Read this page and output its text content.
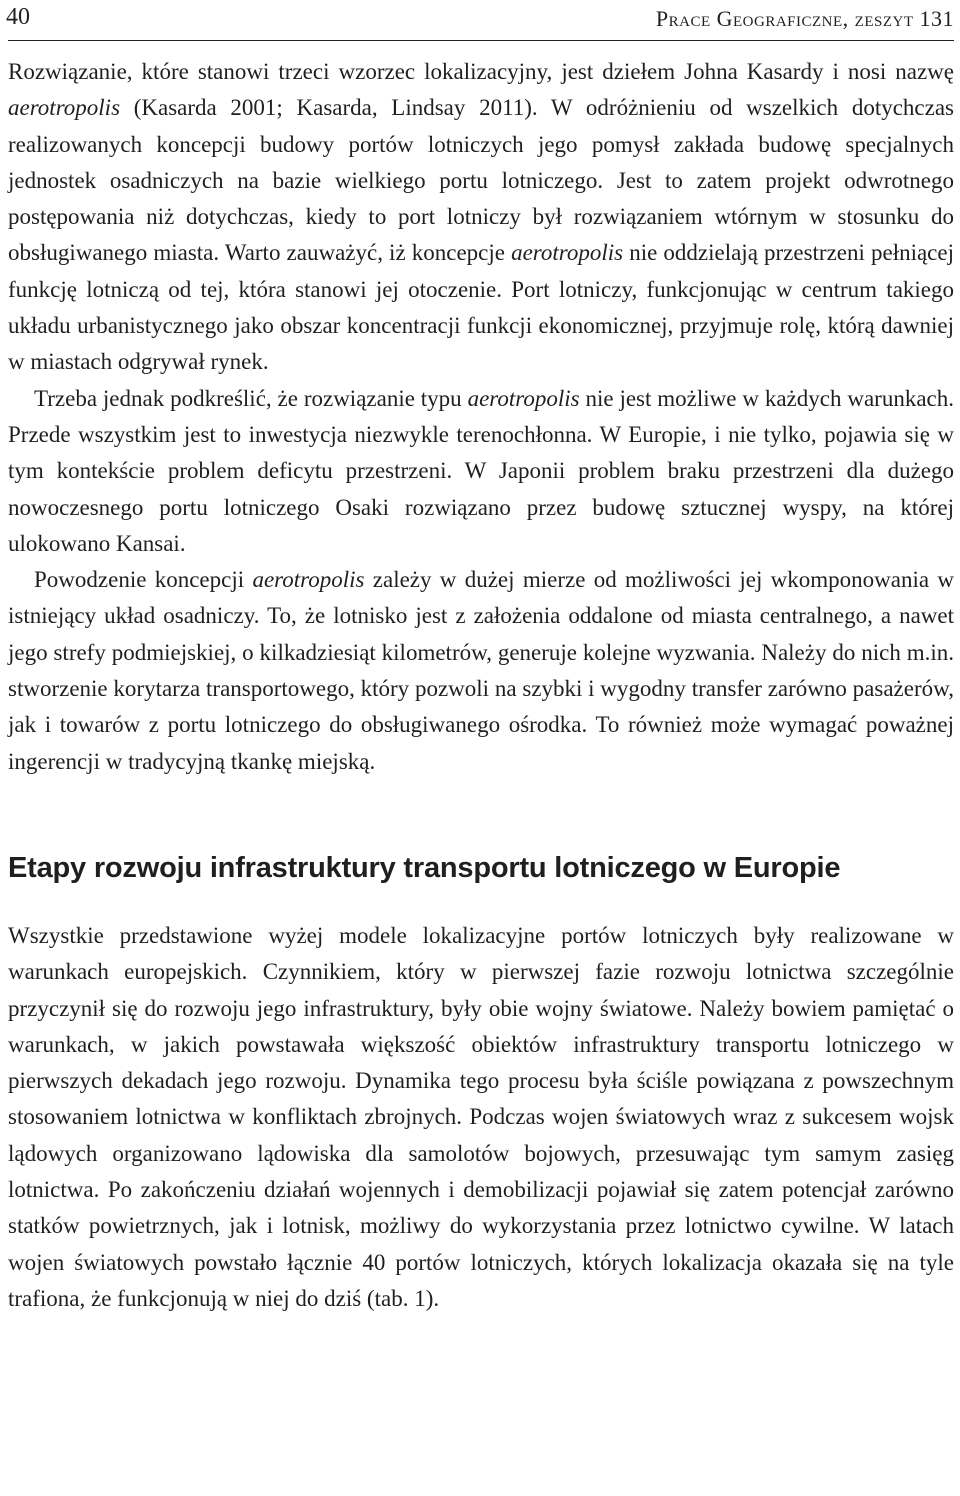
40	Prace Geograficzne, zeszyt 131

Rozwiązanie, które stanowi trzeci wzorzec lokalizacyjny, jest dziełem Johna Kasardy i nosi nazwę aerotropolis (Kasarda 2001; Kasarda, Lindsay 2011). W odróżnieniu od wszelkich dotychczas realizowanych koncepcji budowy portów lotniczych jego pomysł zakłada budowę specjalnych jednostek osadniczych na bazie wielkiego portu lotniczego. Jest to zatem projekt odwrotnego postępowania niż dotychczas, kiedy to port lotniczy był rozwiązaniem wtórnym w stosunku do obsługiwanego miasta. Warto zauważyć, iż koncepcje aerotropolis nie oddzielają przestrzeni pełniącej funkcję lotniczą od tej, która stanowi jej otoczenie. Port lotniczy, funkcjonując w centrum takiego układu urbanistycznego jako obszar koncentracji funkcji ekonomicznej, przyjmuje rolę, którą dawniej w miastach odgrywał rynek.

Trzeba jednak podkreślić, że rozwiązanie typu aerotropolis nie jest możliwe w każdych warunkach. Przede wszystkim jest to inwestycja niezwykle terenochłonna. W Europie, i nie tylko, pojawia się w tym kontekście problem deficytu przestrzeni. W Japonii problem braku przestrzeni dla dużego nowoczesnego portu lotniczego Osaki rozwiązano przez budowę sztucznej wyspy, na której ulokowano Kansai.

Powodzenie koncepcji aerotropolis zależy w dużej mierze od możliwości jej wkomponowania w istniejący układ osadniczy. To, że lotnisko jest z założenia oddalone od miasta centralnego, a nawet jego strefy podmiejskiej, o kilkadziesiąt kilometrów, generuje kolejne wyzwania. Należy do nich m.in. stworzenie korytarza transportowego, który pozwoli na szybki i wygodny transfer zarówno pasażerów, jak i towarów z portu lotniczego do obsługiwanego ośrodka. To również może wymagać poważnej ingerencji w tradycyjną tkankę miejską.

Etapy rozwoju infrastruktury transportu lotniczego w Europie

Wszystkie przedstawione wyżej modele lokalizacyjne portów lotniczych były realizowane w warunkach europejskich. Czynnikiem, który w pierwszej fazie rozwoju lotnictwa szczególnie przyczynił się do rozwoju jego infrastruktury, były obie wojny światowe. Należy bowiem pamiętać o warunkach, w jakich powstawała większość obiektów infrastruktury transportu lotniczego w pierwszych dekadach jego rozwoju. Dynamika tego procesu była ściśle powiązana z powszechnym stosowaniem lotnictwa w konfliktach zbrojnych. Podczas wojen światowych wraz z sukcesem wojsk lądowych organizowano lądowiska dla samolotów bojowych, przesuwając tym samym zasięg lotnictwa. Po zakończeniu działań wojennych i demobilizacji pojawiał się zatem potencjał zarówno statków powietrznych, jak i lotnisk, możliwy do wykorzystania przez lotnictwo cywilne. W latach wojen światowych powstało łącznie 40 portów lotniczych, których lokalizacja okazała się na tyle trafiona, że funkcjonują w niej do dziś (tab. 1).
